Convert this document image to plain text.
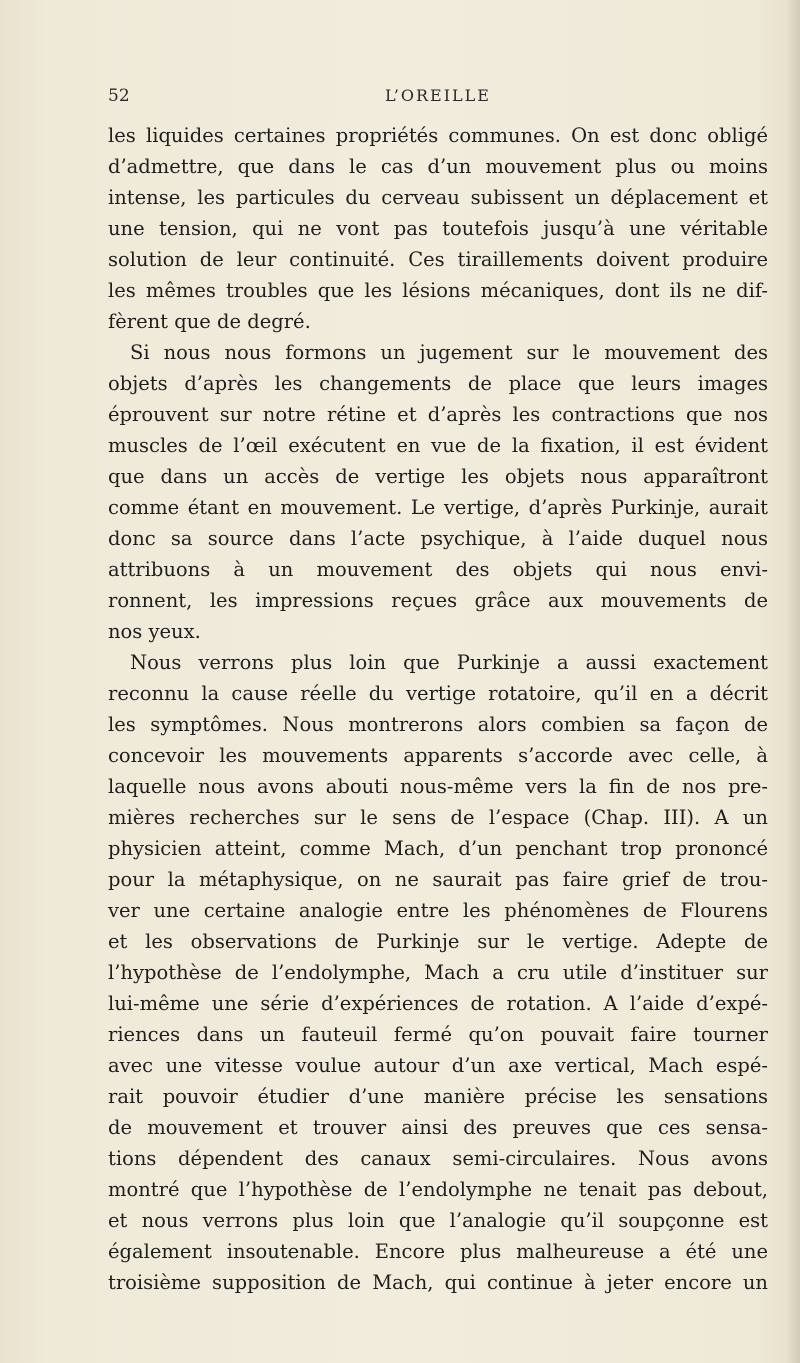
52	L’OREILLE
les liquides certaines propriétés communes. On est donc obligé
d’admettre, que dans le cas d’un mouvement plus ou moins
intense, les particules du cerveau subissent un déplacement et
une tension, qui ne vont pas toutefois jusqu’à une véritable
solution de leur continuité. Ces tiraillements doivent produire
les mêmes troubles que les lésions mécaniques, dont ils ne dif-
fèrent que de degré.
Si nous nous formons un jugement sur le mouvement des
objets d’après les changements de place que leurs images
éprouvent sur notre rétine et d’après les contractions que nos
muscles de l’œil exécutent en vue de la fixation, il est évident
que dans un accès de vertige les objets nous apparaîtront
comme étant en mouvement. Le vertige, d’après Purkinje, aurait
donc sa source dans l’acte psychique, à l’aide duquel nous
attribuons à un mouvement des objets qui nous envi-
ronnent, les impressions reçues grâce aux mouvements de
nos yeux.
Nous verrons plus loin que Purkinje a aussi exactement
reconnu la cause réelle du vertige rotatoire, qu’il en a décrit
les symptômes. Nous montrerons alors combien sa façon de
concevoir les mouvements apparents s’accorde avec celle, à
laquelle nous avons abouti nous-même vers la fin de nos pre-
mières recherches sur le sens de l’espace (Chap. III). A un
physicien atteint, comme Mach, d’un penchant trop prononcé
pour la métaphysique, on ne saurait pas faire grief de trou-
ver une certaine analogie entre les phénomènes de Flourens
et les observations de Purkinje sur le vertige. Adepte de
l’hypothèse de l’endolymphe, Mach a cru utile d’instituer sur
lui-même une série d’expériences de rotation. A l’aide d’expé-
riences dans un fauteuil fermé qu’on pouvait faire tourner
avec une vitesse voulue autour d’un axe vertical, Mach espé-
rait pouvoir étudier d’une manière précise les sensations
de mouvement et trouver ainsi des preuves que ces sensa-
tions dépendent des canaux semi-circulaires. Nous avons
montré que l’hypothèse de l’endolymphe ne tenait pas debout,
et nous verrons plus loin que l’analogie qu’il soupçonne est
également insoutenable. Encore plus malheureuse a été une
troisième supposition de Mach, qui continue à jeter encore un
